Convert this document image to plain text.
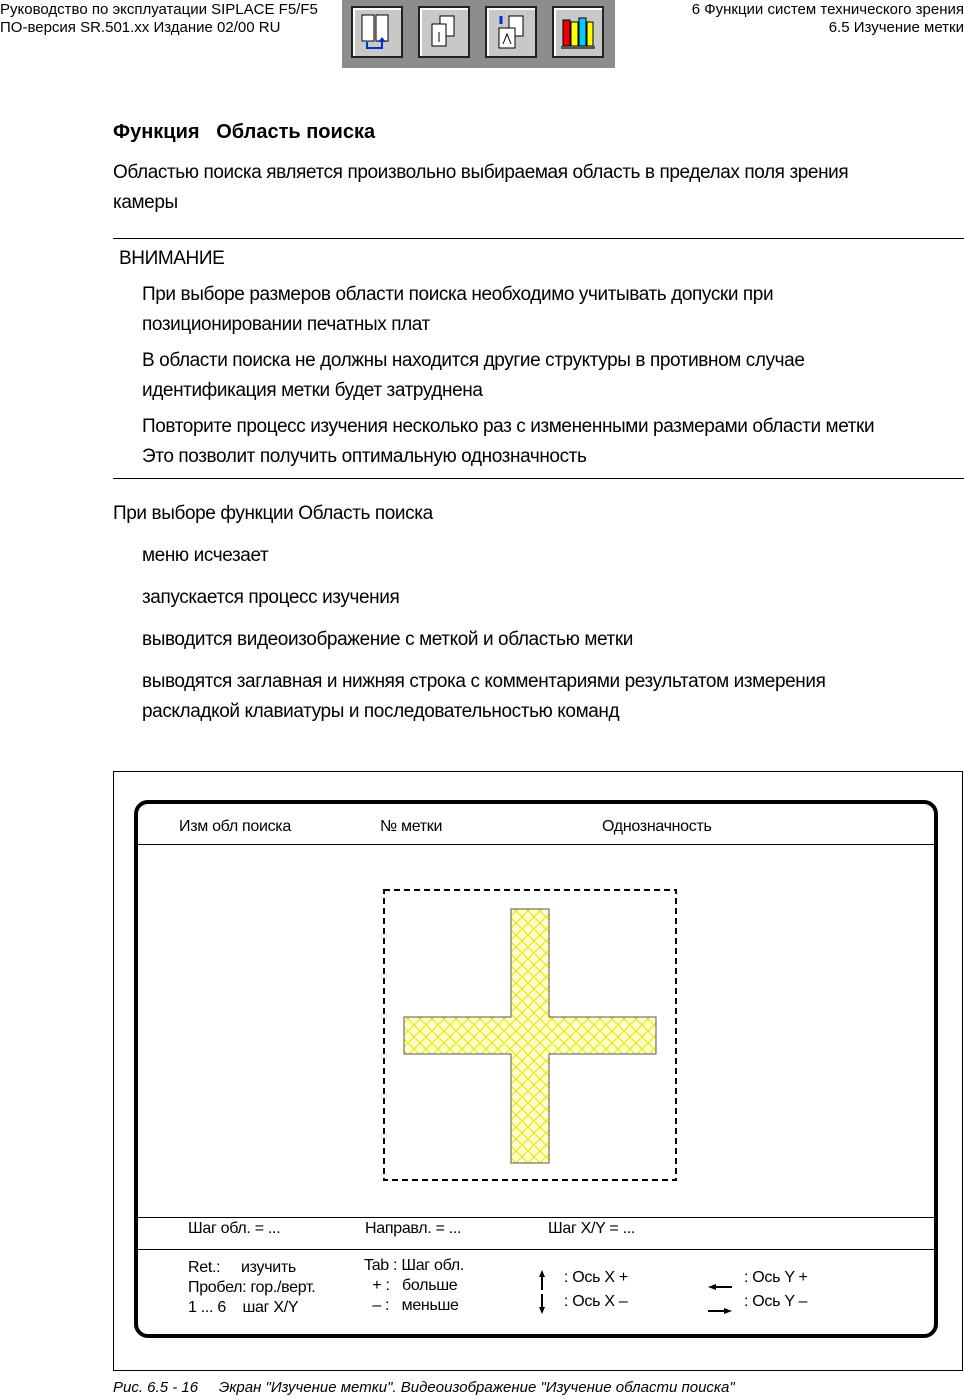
Руководство по эксплуатации SIPLACE F5/F5
ПО-версия SR.501.xx Издание 02/00 RU
6 Функции систем технического зрения
6.5 Изучение метки
Функция Область поиска
Областью поиска является произвольно выбираемая область в пределах поля зрения
камеры
ВНИМАНИЕ
При выборе размеров области поиска необходимо учитывать допуски при
позиционировании печатных плат
В области поиска не должны находится другие структуры в противном случае
идентификация метки будет затруднена
Повторите процесс изучения несколько раз с измененными размерами области метки
Это позволит получить оптимальную однозначность
При выборе функции Область поиска
меню исчезает
запускается процесс изучения
выводится видеоизображение с меткой и областью метки
выводятся заглавная и нижняя строка с комментариями результатом измерения
раскладкой клавиатуры и последовательностью команд
Изм обл поиска	№ метки	Однозначность
Шаг обл. = ...	Направл. = ...	Шаг X/Y = ...
Ret.:     изучить
Пробел: гор./верт.
1 ... 6    шаг X/Y
Tab : Шаг обл.
+ :   больше
– :   меньше
: Ось X +
: Ось X –
: Ось Y +
: Ось Y –
Рис. 6.5 - 16 Экран "Изучение метки". Видеоизображение "Изучение области поиска"
